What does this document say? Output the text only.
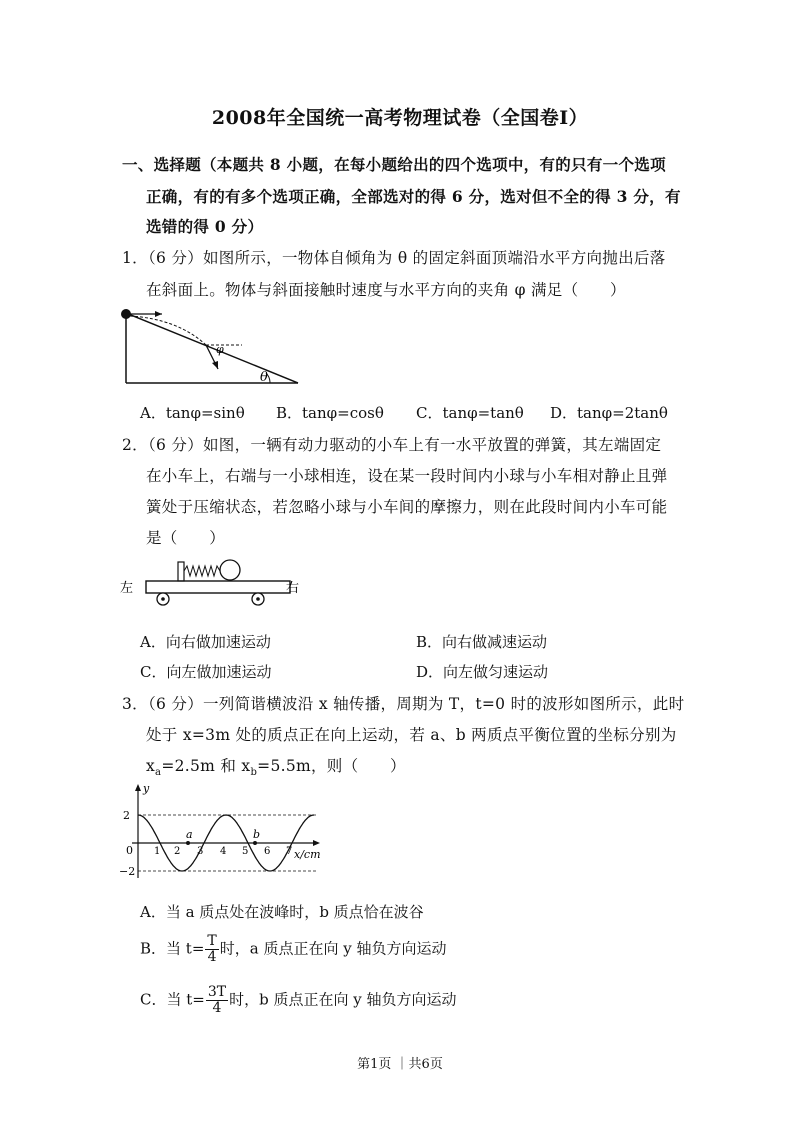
2008年全国统一高考物理试卷（全国卷Ⅰ）
一、选择题（本题共 8 小题，在每小题给出的四个选项中，有的只有一个选项
正确，有的有多个选项正确，全部选对的得 6 分，选对但不全的得 3 分，有
选错的得 0 分）
1．（6 分）如图所示，一物体自倾角为 θ 的固定斜面顶端沿水平方向抛出后落
在斜面上。物体与斜面接触时速度与水平方向的夹角 φ 满足（　　）
φ
θ
A．tanφ=sinθ B．tanφ=cosθ C．tanφ=tanθ D．tanφ=2tanθ
2．（6 分）如图，一辆有动力驱动的小车上有一水平放置的弹簧，其左端固定
在小车上，右端与一小球相连，设在某一段时间内小球与小车相对静止且弹
簧处于压缩状态，若忽略小球与小车间的摩擦力，则在此段时间内小车可能
是（　　）
左	右
A．向右做加速运动	B．向右做减速运动
C．向左做加速运动	D．向左做匀速运动
3．（6 分）一列简谐横波沿 x 轴传播，周期为 T，t=0 时的波形如图所示，此时
处于 x=3m 处的质点正在向上运动，若 a、b 两质点平衡位置的坐标分别为
$x_a=2.5m$ 和 $x_b=5.5m$，则（　　）
y
x/cm
2
−2
0 1 2 3 4 5 6 7
a	b
A．当 a 质点处在波峰时，b 质点恰在波谷
B．当 $t= \frac{T}{4}$ 时，a 质点正在向 y 轴负方向运动
C．当 $t= \frac{3T}{4}$ 时，b 质点正在向 y 轴负方向运动
第1页 ｜共6页
